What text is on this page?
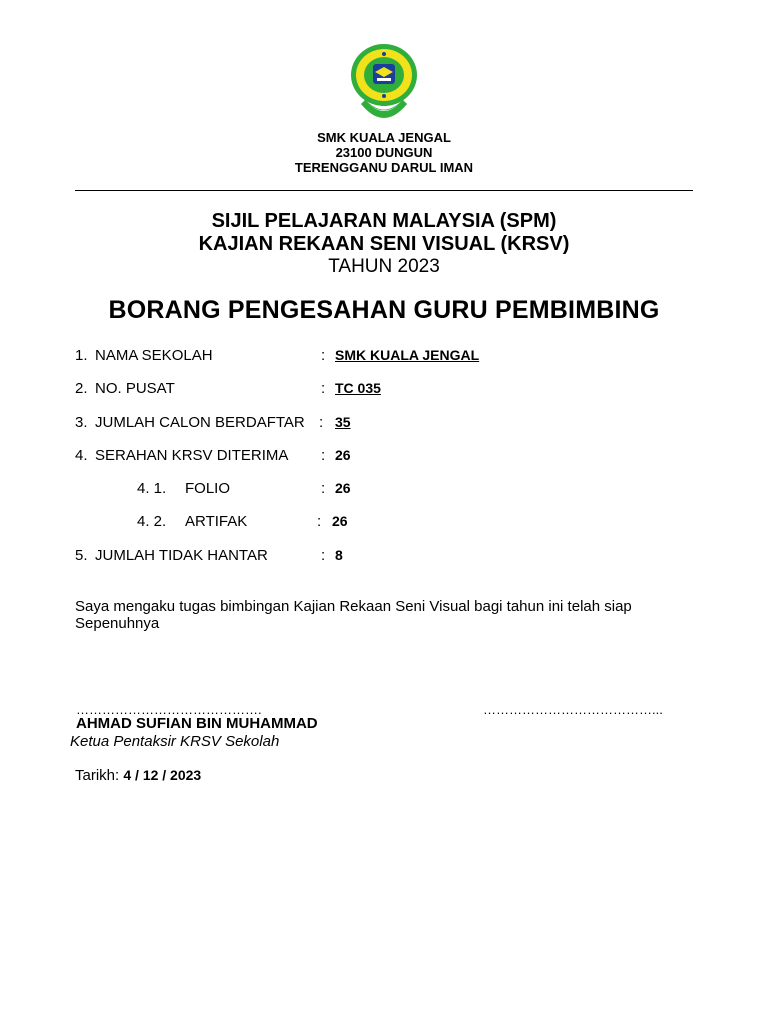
SMK KUALA JENGAL
23100 DUNGUN
TERENGGANU DARUL IMAN
SIJIL PELAJARAN MALAYSIA (SPM)
KAJIAN REKAAN SENI VISUAL (KRSV)
TAHUN 2023
BORANG PENGESAHAN GURU PEMBIMBING
1. NAMA SEKOLAH	: SMK KUALA JENGAL
2. NO. PUSAT	: TC 035
3. JUMLAH CALON BERDAFTAR : 35
4. SERAHAN KRSV DITERIMA : 26
4. 1. FOLIO	: 26
4. 2. ARTIFAK	: 26
5. JUMLAH TIDAK HANTAR	: 8
Saya mengaku tugas bimbingan Kajian Rekaan Seni Visual bagi tahun ini telah siap
Sepenuhnya
…………………………………….	…………………………………...
AHMAD SUFIAN BIN MUHAMMAD
Ketua Pentaksir KRSV Sekolah
Tarikh: 4 / 12 / 2023
